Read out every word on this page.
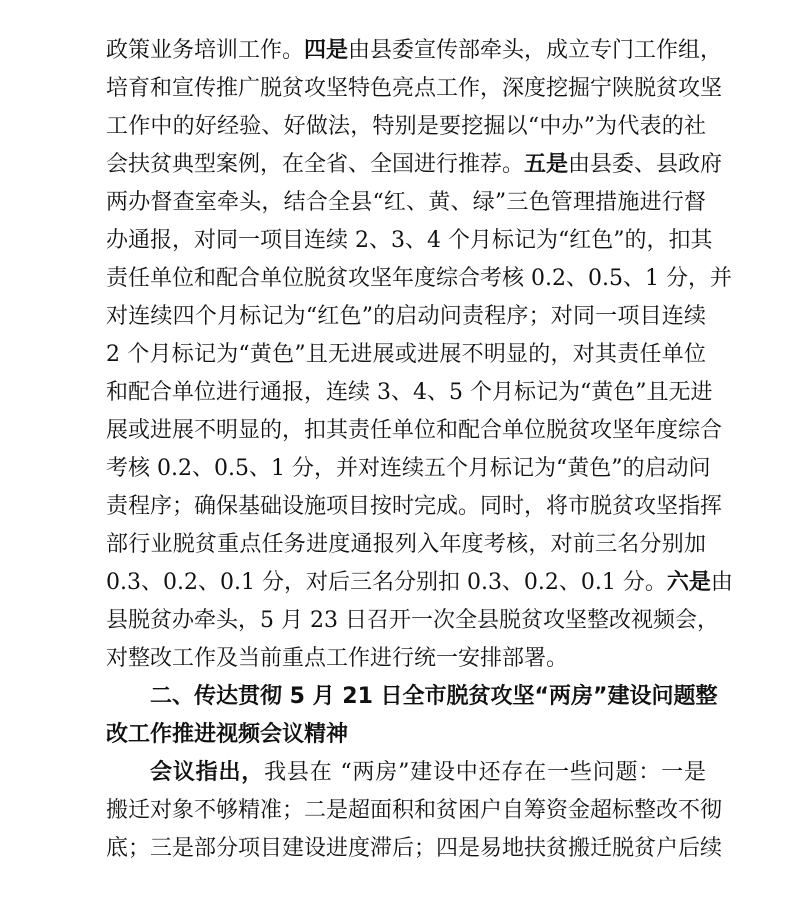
政策业务培训工作。四是由县委宣传部牵头，成立专门工作组，
培育和宣传推广脱贫攻坚特色亮点工作，深度挖掘宁陕脱贫攻坚
工作中的好经验、好做法，特别是要挖掘以“中办”为代表的社
会扶贫典型案例，在全省、全国进行推荐。五是由县委、县政府
两办督查室牵头，结合全县“红、黄、绿”三色管理措施进行督
办通报，对同一项目连续 2、3、4 个月标记为“红色”的，扣其
责任单位和配合单位脱贫攻坚年度综合考核 0.2、0.5、1 分，并
对连续四个月标记为“红色”的启动问责程序；对同一项目连续
2 个月标记为“黄色”且无进展或进展不明显的，对其责任单位
和配合单位进行通报，连续 3、4、5 个月标记为“黄色”且无进
展或进展不明显的，扣其责任单位和配合单位脱贫攻坚年度综合
考核 0.2、0.5、1 分，并对连续五个月标记为“黄色”的启动问
责程序；确保基础设施项目按时完成。同时，将市脱贫攻坚指挥
部行业脱贫重点任务进度通报列入年度考核，对前三名分别加
0.3、0.2、0.1 分，对后三名分别扣 0.3、0.2、0.1 分。六是由
县脱贫办牵头，5 月 23 日召开一次全县脱贫攻坚整改视频会，
对整改工作及当前重点工作进行统一安排部署。
二、传达贯彻 5 月 21 日全市脱贫攻坚“两房”建设问题整
改工作推进视频会议精神
会议指出，我县在 “两房”建设中还存在一些问题：一是
搬迁对象不够精准；二是超面积和贫困户自筹资金超标整改不彻
底；三是部分项目建设进度滞后；四是易地扶贫搬迁脱贫户后续
